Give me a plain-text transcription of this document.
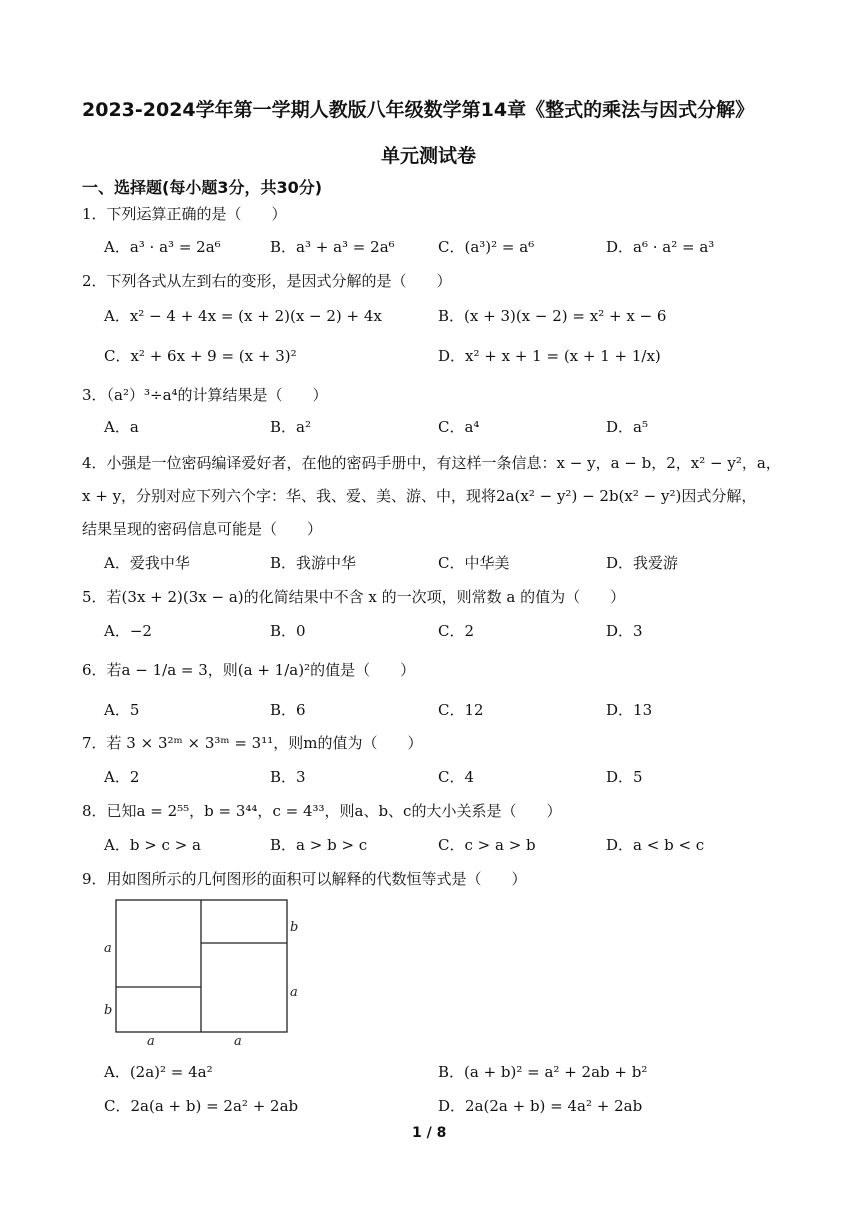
2023-2024学年第一学期人教版八年级数学第14章《整式的乘法与因式分解》
单元测试卷
一、选择题(每小题3分，共30分)
1．下列运算正确的是（　　）
A．a³ · a³ = 2a⁶	B．a³ + a³ = 2a⁶	C．(a³)² = a⁶	D．a⁶ · a² = a³
2．下列各式从左到右的变形，是因式分解的是（　　）
A．x² − 4 + 4x = (x + 2)(x − 2) + 4x	B．(x + 3)(x − 2) = x² + x − 6
C．x² + 6x + 9 = (x + 3)²	D．x² + x + 1 = (x + 1 + 1/x)
3．（a²）³÷a⁴的计算结果是（　　）
A．a	B．a²	C．a⁴	D．a⁵
4．小强是一位密码编译爱好者，在他的密码手册中，有这样一条信息：x − y，a − b，2，x² − y²，a，
x + y，分别对应下列六个字：华、我、爱、美、游、中，现将2a(x² − y²) − 2b(x² − y²)因式分解，
结果呈现的密码信息可能是（　　）
A．爱我中华	B．我游中华	C．中华美	D．我爱游
5．若(3x + 2)(3x − a)的化简结果中不含 x 的一次项，则常数 a 的值为（　　）
A．−2	B．0	C．2	D．3
6．若a − 1/a = 3，则(a + 1/a)²的值是（　　）
A．5	B．6	C．12	D．13
7．若 3 × 3²ᵐ × 3³ᵐ = 3¹¹，则m的值为（　　）
A．2	B．3	C．4	D．5
8．已知a = 2⁵⁵，b = 3⁴⁴，c = 4³³，则a、b、c的大小关系是（　　）
A．b > c > a	B．a > b > c	C．c > a > b	D．a < b < c
9．用如图所示的几何图形的面积可以解释的代数恒等式是（　　）
a
b
b
a
a	a
A．(2a)² = 4a²	B．(a + b)² = a² + 2ab + b²
C．2a(a + b) = 2a² + 2ab	D．2a(2a + b) = 4a² + 2ab
1 / 8
